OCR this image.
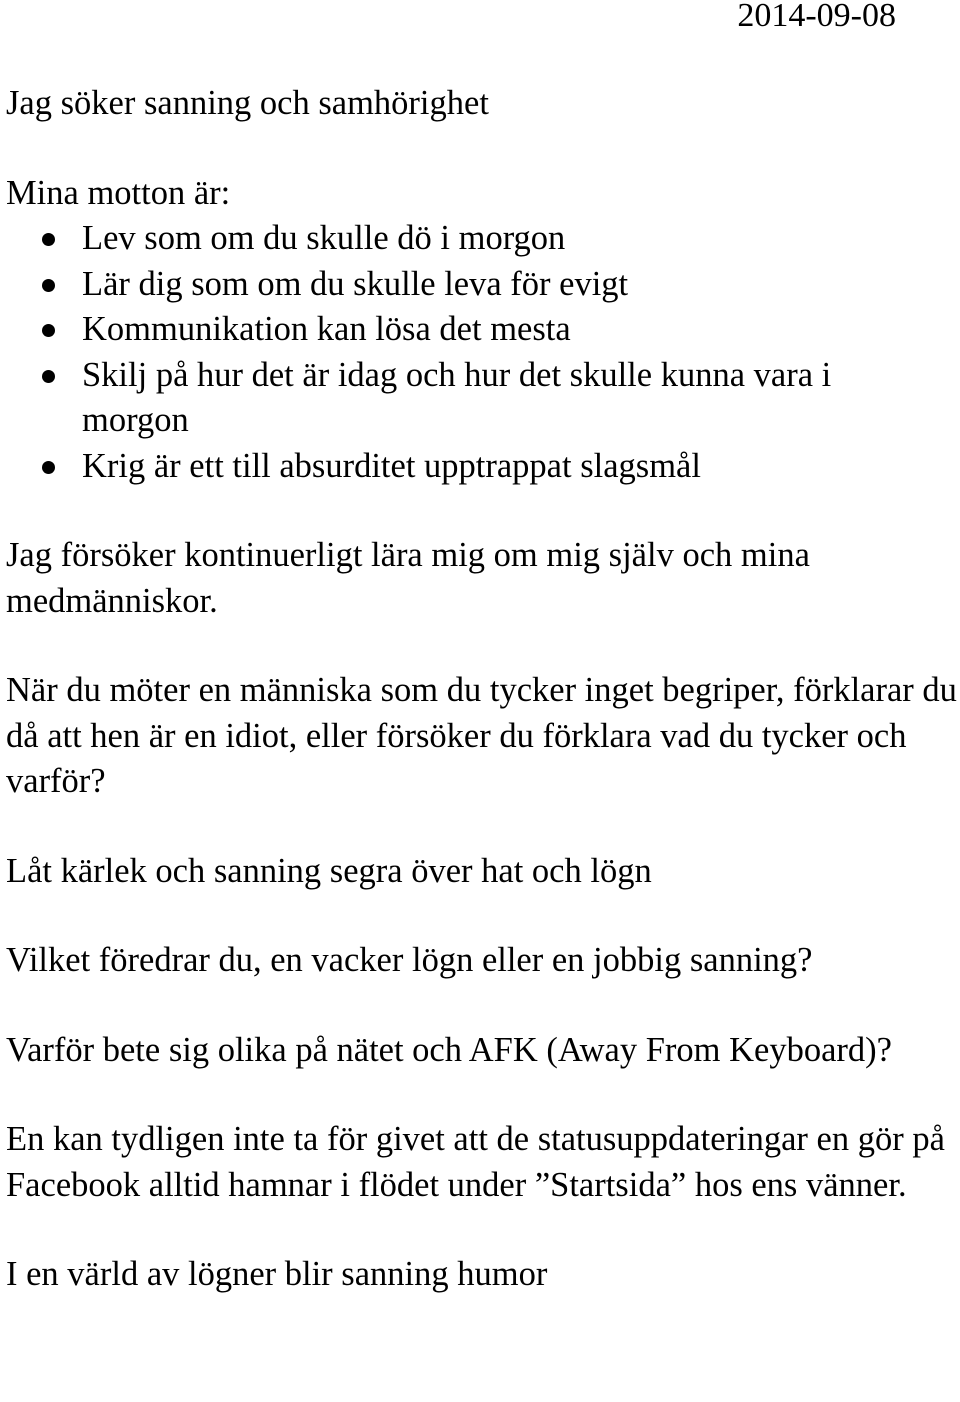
2014-09-08

Jag söker sanning och samhörighet

Mina motton är:

Lev som om du skulle dö i morgon
Lär dig som om du skulle leva för evigt
Kommunikation kan lösa det mesta
Skilj på hur det är idag och hur det skulle kunna vara i morgon
Krig är ett till absurditet upptrappat slagsmål

Jag försöker kontinuerligt lära mig om mig själv och mina medmänniskor.

När du möter en människa som du tycker inget begriper, förklarar du då att hen är en idiot, eller försöker du förklara vad du tycker och varför?

Låt kärlek och sanning segra över hat och lögn

Vilket föredrar du, en vacker lögn eller en jobbig sanning?

Varför bete sig olika på nätet och AFK (Away From Keyboard)?

En kan tydligen inte ta för givet att de statusuppdateringar en gör på Facebook alltid hamnar i flödet under ”Startsida” hos ens vänner.

I en värld av lögner blir sanning humor
